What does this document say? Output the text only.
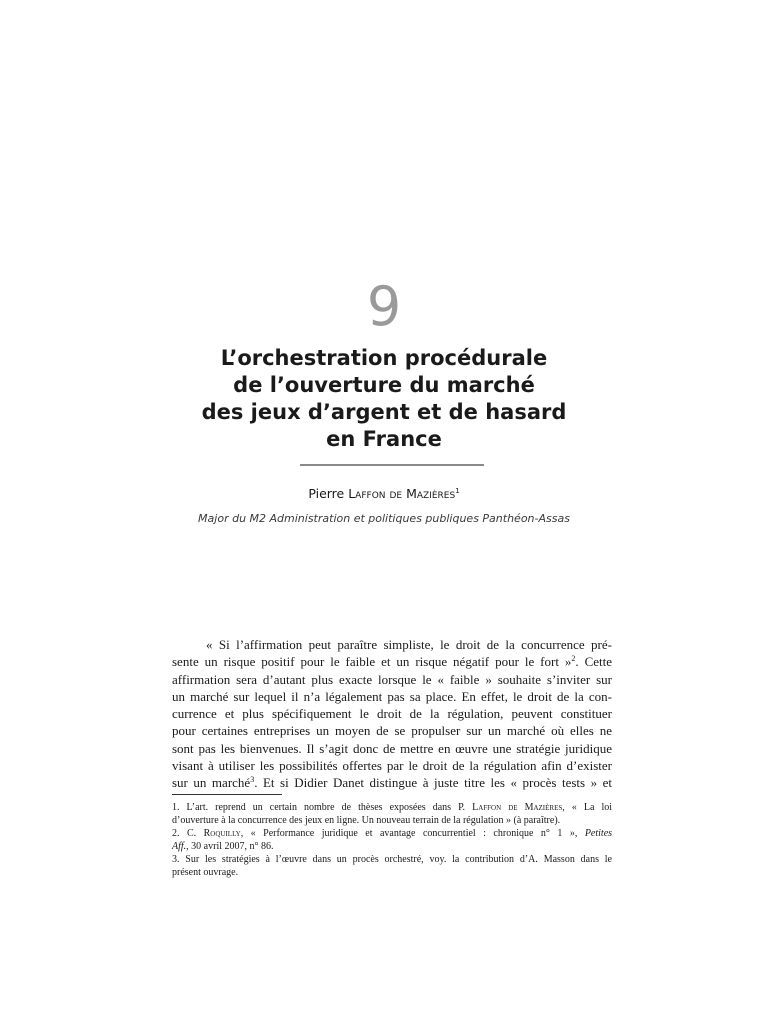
9
L’orchestration procédurale
de l’ouverture du marché
des jeux d’argent et de hasard
en France
Pierre Laffon de Mazières$^1$
Major du M2 Administration et politiques publiques Panthéon-Assas
« Si l’affirmation peut paraître simpliste, le droit de la concurrence pré-
sente un risque positif pour le faible et un risque négatif pour le fort »$^2$. Cette
affirmation sera d’autant plus exacte lorsque le « faible » souhaite s’inviter sur
un marché sur lequel il n’a légalement pas sa place. En effet, le droit de la con-
currence et plus spécifiquement le droit de la régulation, peuvent constituer
pour certaines entreprises un moyen de se propulser sur un marché où elles ne
sont pas les bienvenues. Il s’agit donc de mettre en œuvre une stratégie juridique
visant à utiliser les possibilités offertes par le droit de la régulation afin d’exister
sur un marché$^3$. Et si Didier Danet distingue à juste titre les « procès tests » et
1. L’art. reprend un certain nombre de thèses exposées dans P. Laffon de Mazières, « La loi
d’ouverture à la concurrence des jeux en ligne. Un nouveau terrain de la régulation » (à paraître).
2. C. Roquilly, « Performance juridique et avantage concurrentiel : chronique n° 1 », Petites
Aff., 30 avril 2007, n° 86.
3. Sur les stratégies à l’œuvre dans un procès orchestré, voy. la contribution d’A. Masson dans le
présent ouvrage.
